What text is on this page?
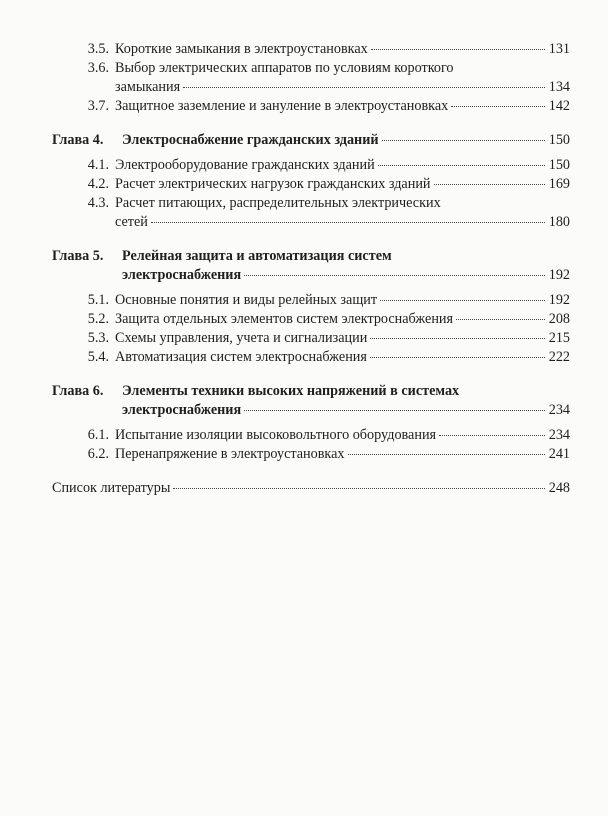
3.5. Короткие замыкания в электроустановках	131
3.6. Выбор электрических аппаратов по условиям короткого
замыкания	134
3.7. Защитное заземление и зануление в электроустановках	142
Глава 4.	Электроснабжение гражданских зданий	150
4.1. Электрооборудование гражданских зданий	150
4.2. Расчет электрических нагрузок гражданских зданий	169
4.3. Расчет питающих, распределительных электрических
сетей	180
Глава 5.	Релейная защита и автоматизация систем
электроснабжения	192
5.1. Основные понятия и виды релейных защит	192
5.2. Защита отдельных элементов систем электроснабжения	208
5.3. Схемы управления, учета и сигнализации	215
5.4. Автоматизация систем электроснабжения	222
Глава 6.	Элементы техники высоких напряжений в системах
электроснабжения	234
6.1. Испытание изоляции высоковольтного оборудования	234
6.2. Перенапряжение в электроустановках	241
Список литературы	248
